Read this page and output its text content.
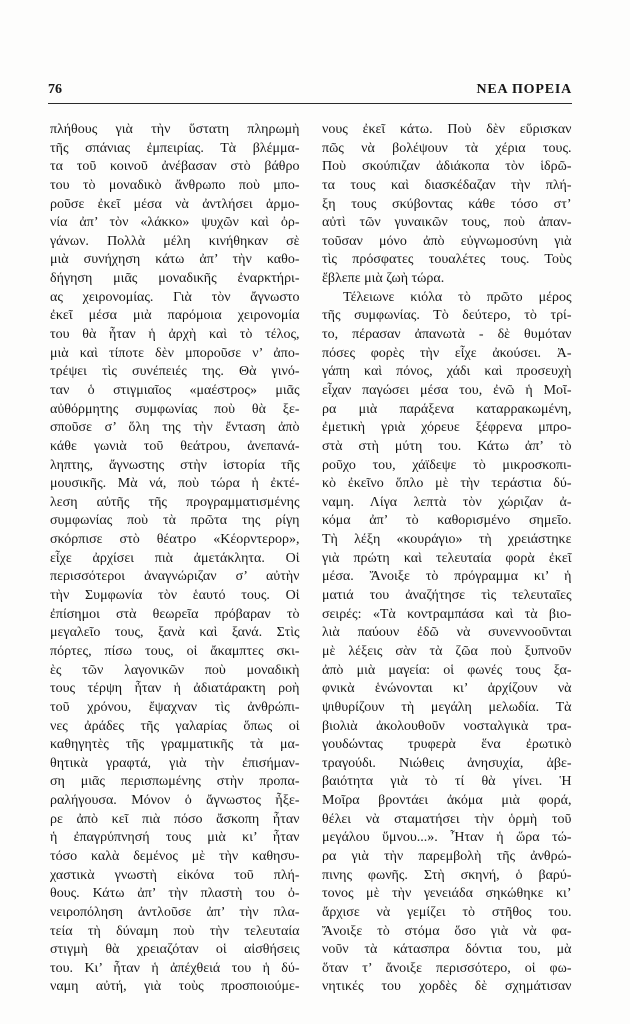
76	ΝΕΑ ΠΟΡΕΙΑ
πλήθους γιὰ τὴν ὕστατη πληρωμὴ
τῆς σπάνιας ἐμπειρίας. Τὰ βλέμμα-
τα τοῦ κοινοῦ ἀνέβασαν στὸ βάθρο
του τὸ μοναδικὸ ἄνθρωπο ποὺ μπο-
ροῦσε ἐκεῖ μέσα νὰ ἀντλήσει ἁρμο-
νία ἀπ’ τὸν «λάκκο» ψυχῶν καὶ ὀρ-
γάνων. Πολλὰ μέλη κινήθηκαν σὲ
μιὰ συνήχηση κάτω ἀπ’ τὴν καθο-
δήγηση μιᾶς μοναδικῆς ἐναρκτήρι-
ας χειρονομίας. Γιὰ τὸν ἄγνωστο
ἐκεῖ μέσα μιὰ παρόμοια χειρονομία
του θὰ ἦταν ἡ ἀρχὴ καὶ τὸ τέλος,
μιὰ καὶ τίποτε δὲν μποροῦσε ν’ ἀπο-
τρέψει τὶς συνέπειές της. Θὰ γινό-
ταν ὁ στιγμιαῖος «μαέστρος» μιᾶς
αὐθόρμητης συμφωνίας ποὺ θὰ ξε-
σποῦσε σ’ ὅλη της τὴν ἔνταση ἀπὸ
κάθε γωνιὰ τοῦ θεάτρου, ἀνεπανά-
ληπτης, ἄγνωστης στὴν ἱστορία τῆς
μουσικῆς. Μὰ νά, ποὺ τώρα ἡ ἐκτέ-
λεση αὐτῆς τῆς προγραμματισμένης
συμφωνίας ποὺ τὰ πρῶτα της ρίγη
σκόρπισε στὸ θέατρο «Κέορντερορ»,
εἶχε ἀρχίσει πιὰ ἀμετάκλητα. Οἱ
περισσότεροι ἀναγνώριζαν σ’ αὐτὴν
τὴν Συμφωνία τὸν ἑαυτό τους. Οἱ
ἐπίσημοι στὰ θεωρεῖα πρόβαραν τὸ
μεγαλεῖο τους, ξανὰ καὶ ξανά. Στὶς
πόρτες, πίσω τους, οἱ ἄκαμπτες σκι-
ὲς τῶν λαγονικῶν ποὺ μοναδικὴ
τους τέρψη ἦταν ἡ ἀδιατάρακτη ροὴ
τοῦ χρόνου, ἔψαχναν τὶς ἀνθρώπι-
νες ἀράδες τῆς γαλαρίας ὅπως οἱ
καθηγητὲς τῆς γραμματικῆς τὰ μα-
θητικὰ γραφτά, γιὰ τὴν ἐπισήμαν-
ση μιᾶς περισπωμένης στὴν προπα-
ραλήγουσα. Μόνον ὁ ἄγνωστος ἦξε-
ρε ἀπὸ κεῖ πιὰ πόσο ἄσκοπη ἦταν
ἡ ἐπαγρύπνησή τους μιὰ κι’ ἦταν
τόσο καλὰ δεμένος μὲ τὴν καθησυ-
χαστικὰ γνωστὴ εἰκόνα τοῦ πλή-
θους. Κάτω ἀπ’ τὴν πλαστὴ του ὀ-
νειροπόληση ἀντλοῦσε ἀπ’ τὴν πλα-
τεία τὴ δύναμη ποὺ τὴν τελευταία
στιγμὴ θὰ χρειαζόταν οἱ αἰσθήσεις
του. Κι’ ἦταν ἡ ἀπέχθειά του ἡ δύ-
ναμη αὐτή, γιὰ τοὺς προσποιούμε-
νους ἐκεῖ κάτω. Ποὺ δὲν εὕρισκαν
πῶς νὰ βολέψουν τὰ χέρια τους.
Ποὺ σκούπιζαν ἀδιάκοπα τὸν ἱδρῶ-
τα τους καὶ διασκέδαζαν τὴν πλή-
ξη τους σκύβοντας κάθε τόσο στ’
αὐτὶ τῶν γυναικῶν τους, ποὺ ἀπαν-
τοῦσαν μόνο ἀπὸ εὐγνωμοσύνη γιὰ
τὶς πρόσφατες τουαλέτες τους. Τοὺς
ἔβλεπε μιὰ ζωὴ τώρα.
Τέλειωνε κιόλα τὸ πρῶτο μέρος
τῆς συμφωνίας. Τὸ δεύτερο, τὸ τρί-
το, πέρασαν ἀπανωτὰ - δὲ θυμόταν
πόσες φορὲς τὴν εἶχε ἀκούσει. Ἀ-
γάπη καὶ πόνος, χάδι καὶ προσευχὴ
εἶχαν παγώσει μέσα του, ἐνῶ ἡ Μοῖ-
ρα μιὰ παράξενα καταρρακωμένη,
ἐμετικὴ γριὰ χόρευε ξέφρενα μπρο-
στὰ στὴ μύτη του. Κάτω ἀπ’ τὸ
ροῦχο του, χάϊδεψε τὸ μικροσκοπι-
κὸ ἐκεῖνο ὅπλο μὲ τὴν τεράστια δύ-
ναμη. Λίγα λεπτὰ τὸν χώριζαν ἀ-
κόμα ἀπ’ τὸ καθορισμένο σημεῖο.
Τὴ λέξη «κουράγιο» τὴ χρειάστηκε
γιὰ πρώτη καὶ τελευταία φορὰ ἐκεῖ
μέσα. Ἄνοιξε τὸ πρόγραμμα κι’ ἡ
ματιά του ἀναζήτησε τὶς τελευταῖες
σειρές: «Τὰ κοντραμπάσα καὶ τὰ βιο-
λιὰ παύουν ἐδῶ νὰ συνεννοοῦνται
μὲ λέξεις σὰν τὰ ζῶα ποὺ ξυπνοῦν
ἀπὸ μιὰ μαγεία: οἱ φωνές τους ξα-
φνικὰ ἑνώνονται κι’ ἀρχίζουν νὰ
ψιθυρίζουν τὴ μεγάλη μελωδία. Τὰ
βιολιὰ ἀκολουθοῦν νοσταλγικὰ τρα-
γουδώντας τρυφερὰ ἕνα ἐρωτικὸ
τραγούδι. Νιώθεις ἀνησυχία, ἀβε-
βαιότητα γιὰ τὸ τί θὰ γίνει. Ἡ
Μοῖρα βροντάει ἀκόμα μιὰ φορά,
θέλει νὰ σταματήσει τὴν ὁρμὴ τοῦ
μεγάλου ὕμνου...». Ἦταν ἡ ὥρα τώ-
ρα γιὰ τὴν παρεμβολὴ τῆς ἀνθρώ-
πινης φωνῆς. Στὴ σκηνή, ὁ βαρύ-
τονος μὲ τὴν γενειάδα σηκώθηκε κι’
ἄρχισε νὰ γεμίζει τὸ στῆθος του.
Ἄνοιξε τὸ στόμα ὅσο γιὰ νὰ φα-
νοῦν τὰ κάτασπρα δόντια του, μὰ
ὅταν τ’ ἄνοιξε περισσότερο, οἱ φω-
νητικές του χορδὲς δὲ σχημάτισαν
